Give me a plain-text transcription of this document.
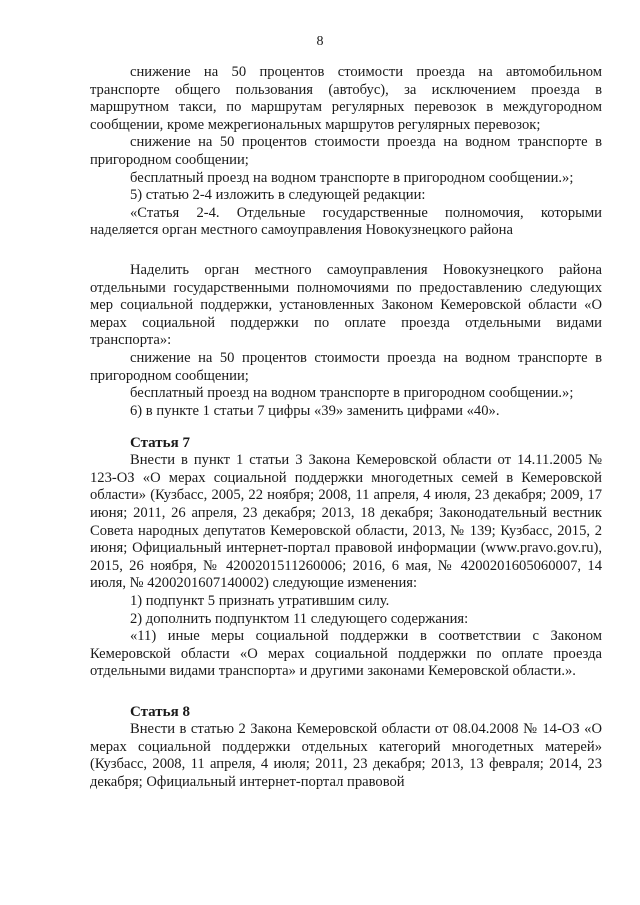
8

снижение на 50 процентов стоимости проезда на автомобильном транспорте общего пользования (автобус), за исключением проезда в маршрутном такси, по маршрутам регулярных перевозок в междугородном сообщении, кроме межрегиональных маршрутов регулярных перевозок;

снижение на 50 процентов стоимости проезда на водном транспорте в пригородном сообщении;

бесплатный проезд на водном транспорте в пригородном сообщении.»;

5) статью 2-4 изложить в следующей редакции:

«Статья 2-4. Отдельные государственные полномочия, которыми наделяется орган местного самоуправления Новокузнецкого района

Наделить орган местного самоуправления Новокузнецкого района отдельными государственными полномочиями по предоставлению следующих мер социальной поддержки, установленных Законом Кемеровской области «О мерах социальной поддержки по оплате проезда отдельными видами транспорта»:

снижение на 50 процентов стоимости проезда на водном транспорте в пригородном сообщении;

бесплатный проезд на водном транспорте в пригородном сообщении.»;

6) в пункте 1 статьи 7 цифры «39» заменить цифрами «40».

Статья 7

Внести в пункт 1 статьи 3 Закона Кемеровской области от 14.11.2005 № 123-ОЗ «О мерах социальной поддержки многодетных семей в Кемеровской области» (Кузбасс, 2005, 22 ноября; 2008, 11 апреля, 4 июля, 23 декабря; 2009, 17 июня; 2011, 26 апреля, 23 декабря; 2013, 18 декабря; Законодательный вестник Совета народных депутатов Кемеровской области, 2013, № 139; Кузбасс, 2015, 2 июня; Официальный интернет-портал правовой информации (www.pravo.gov.ru), 2015, 26 ноября, № 4200201511260006; 2016, 6 мая, № 4200201605060007, 14 июля, № 4200201607140002) следующие изменения:

1) подпункт 5 признать утратившим силу.

2) дополнить подпунктом 11 следующего содержания:

«11) иные меры социальной поддержки в соответствии с Законом Кемеровской области «О мерах социальной поддержки по оплате проезда отдельными видами транспорта» и другими законами Кемеровской области.».

Статья 8

Внести в статью 2 Закона Кемеровской области от 08.04.2008 № 14-ОЗ «О мерах социальной поддержки отдельных категорий многодетных матерей» (Кузбасс, 2008, 11 апреля, 4 июля; 2011, 23 декабря; 2013, 13 февраля; 2014, 23 декабря; Официальный интернет-портал правовой
